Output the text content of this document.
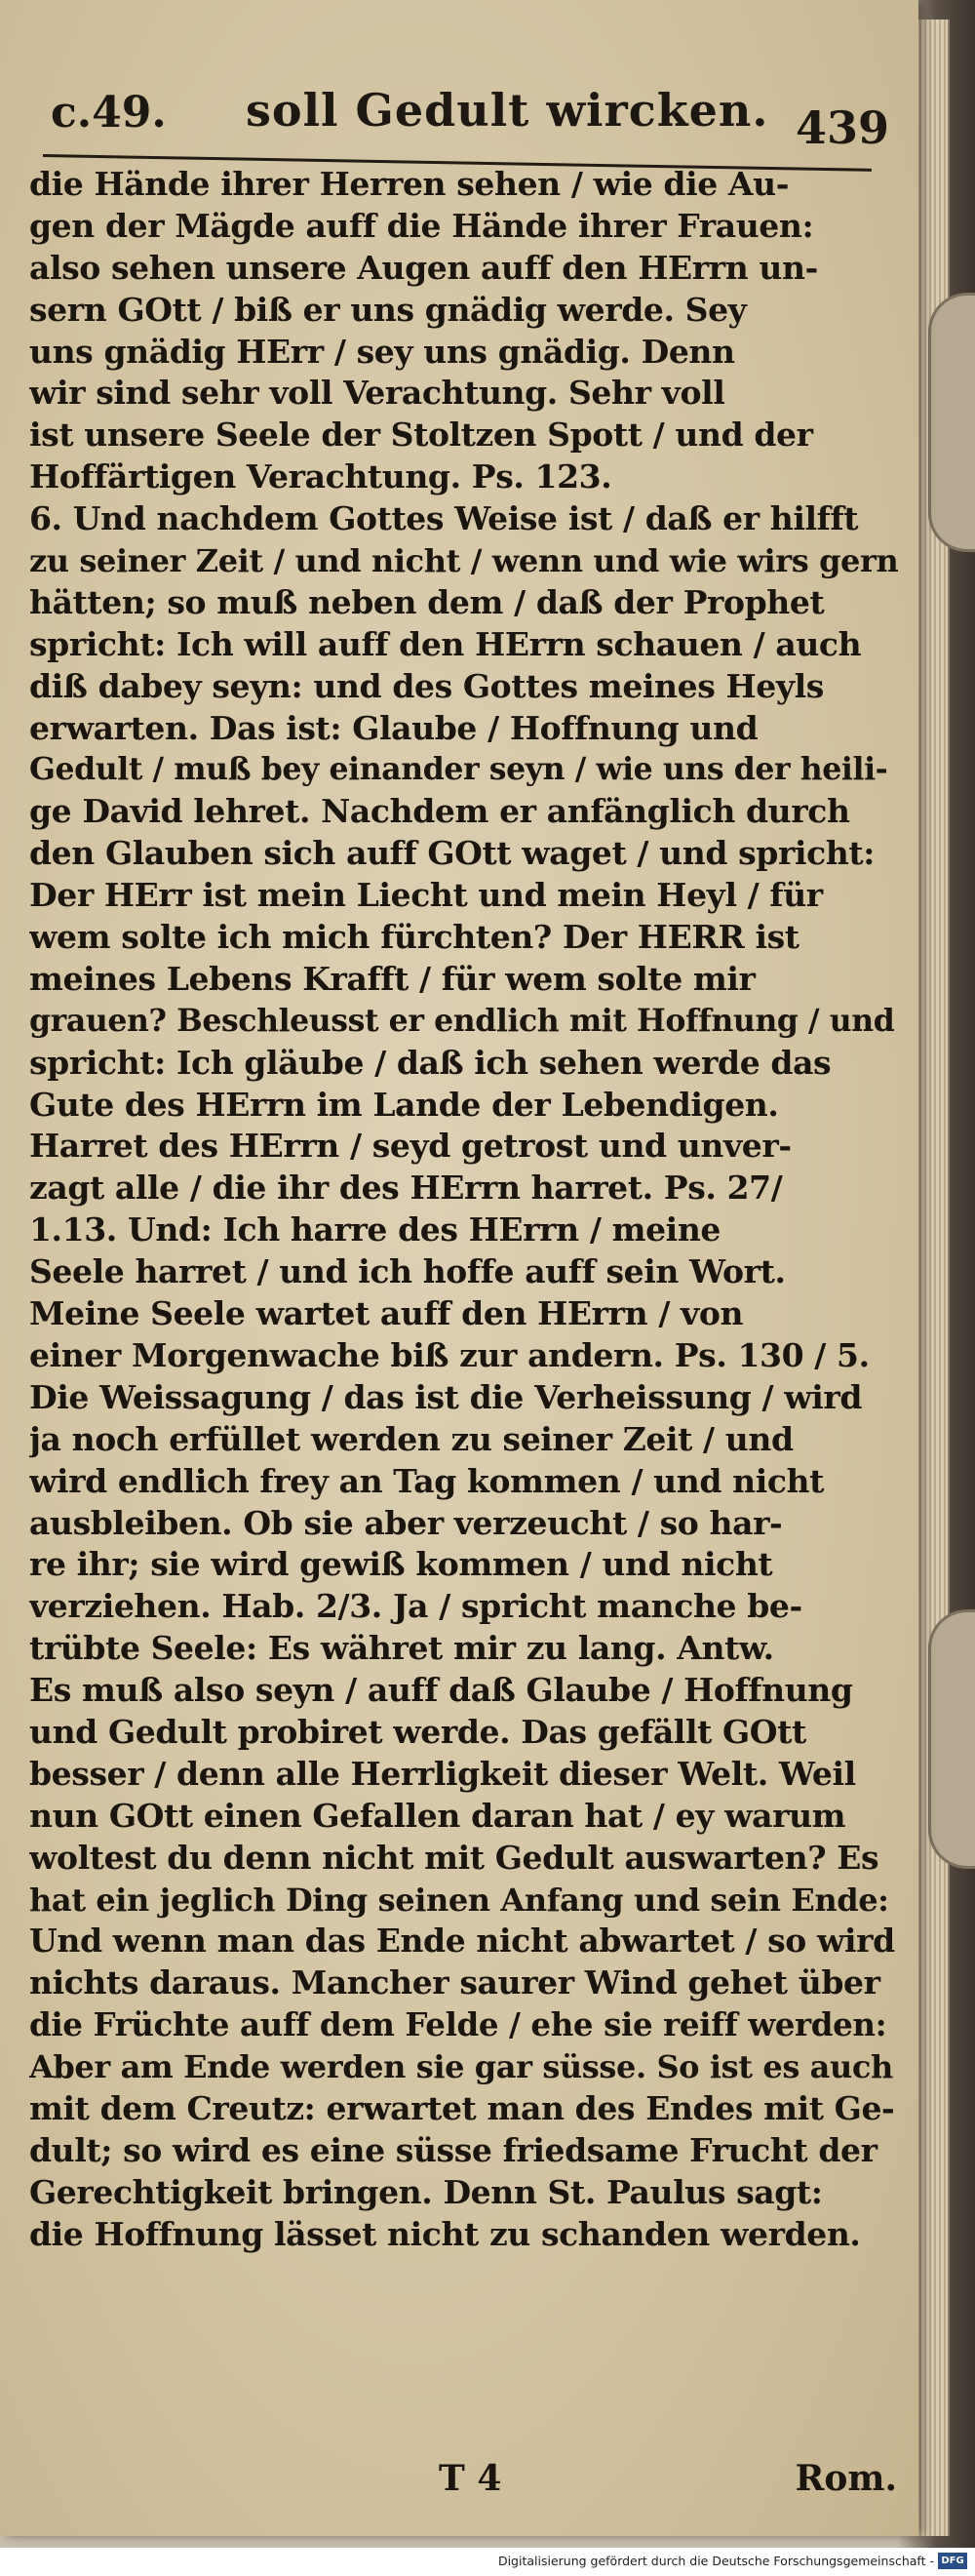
c.49. soll Gedult wircken. 439
die Hände ihrer Herren sehen / wie die Au-
gen der Mägde auff die Hände ihrer Frauen:
also sehen unsere Augen auff den HErrn un-
sern GOtt / biß er uns gnädig werde. Sey
uns gnädig HErr / sey uns gnädig. Denn
wir sind sehr voll Verachtung. Sehr voll
ist unsere Seele der Stoltzen Spott / und der
Hoffärtigen Verachtung. Ps. 123.
6. Und nachdem Gottes Weise ist / daß er hilfft
zu seiner Zeit / und nicht / wenn und wie wirs gern
hätten; so muß neben dem / daß der Prophet
spricht: Ich will auff den HErrn schauen / auch
diß dabey seyn: und des Gottes meines Heyls
erwarten. Das ist: Glaube / Hoffnung und
Gedult / muß bey einander seyn / wie uns der heili-
ge David lehret. Nachdem er anfänglich durch
den Glauben sich auff GOtt waget / und spricht:
Der HErr ist mein Liecht und mein Heyl / für
wem solte ich mich fürchten? Der HERR ist
meines Lebens Krafft / für wem solte mir
grauen? Beschleusst er endlich mit Hoffnung / und
spricht: Ich gläube / daß ich sehen werde das
Gute des HErrn im Lande der Lebendigen.
Harret des HErrn / seyd getrost und unver-
zagt alle / die ihr des HErrn harret. Ps. 27/
1.13. Und: Ich harre des HErrn / meine
Seele harret / und ich hoffe auff sein Wort.
Meine Seele wartet auff den HErrn / von
einer Morgenwache biß zur andern. Ps. 130 / 5.
Die Weissagung / das ist die Verheissung / wird
ja noch erfüllet werden zu seiner Zeit / und
wird endlich frey an Tag kommen / und nicht
ausbleiben. Ob sie aber verzeucht / so har-
re ihr; sie wird gewiß kommen / und nicht
verziehen. Hab. 2/3. Ja / spricht manche be-
trübte Seele: Es währet mir zu lang. Antw.
Es muß also seyn / auff daß Glaube / Hoffnung
und Gedult probiret werde. Das gefällt GOtt
besser / denn alle Herrligkeit dieser Welt. Weil
nun GOtt einen Gefallen daran hat / ey warum
woltest du denn nicht mit Gedult auswarten? Es
hat ein jeglich Ding seinen Anfang und sein Ende:
Und wenn man das Ende nicht abwartet / so wird
nichts daraus. Mancher saurer Wind gehet über
die Früchte auff dem Felde / ehe sie reiff werden:
Aber am Ende werden sie gar süsse. So ist es auch
mit dem Creutz: erwartet man des Endes mit Ge-
dult; so wird es eine süsse friedsame Frucht der
Gerechtigkeit bringen. Denn St. Paulus sagt:
die Hoffnung lässet nicht zu schanden werden.
T 4	Rom.
Digitalisierung gefördert durch die Deutsche Forschungsgemeinschaft - DFG
